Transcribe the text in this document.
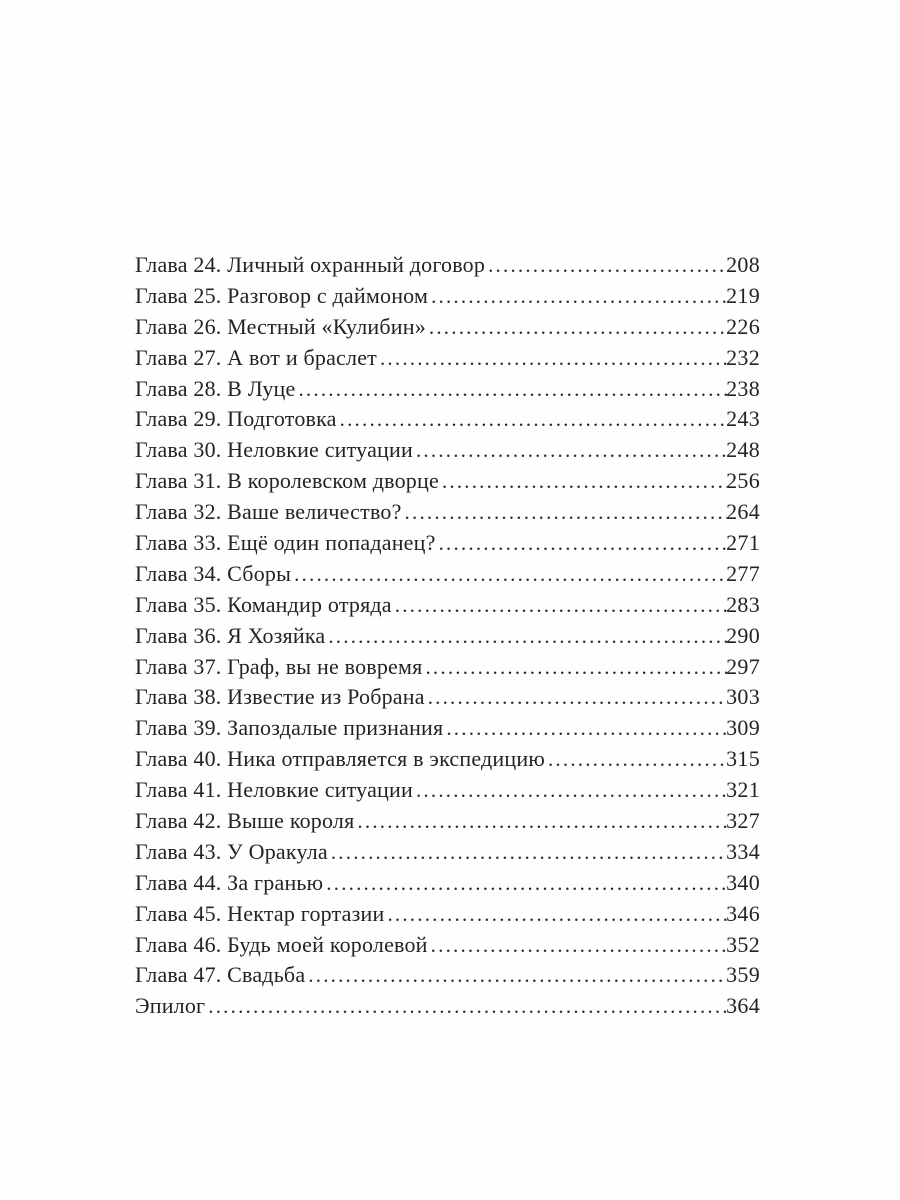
Глава 24. Личный охранный договор .....	208
Глава 25. Разговор с даймоном .....	219
Глава 26. Местный «Кулибин» .....	226
Глава 27. А вот и браслет .....	232
Глава 28. В Луце .....	238
Глава 29. Подготовка .....	243
Глава 30. Неловкие ситуации .....	248
Глава 31. В королевском дворце .....	256
Глава 32. Ваше величество? .....	264
Глава 33. Ещё один попаданец? .....	271
Глава 34. Сборы .....	277
Глава 35. Командир отряда .....	283
Глава 36. Я Хозяйка .....	290
Глава 37. Граф, вы не вовремя .....	297
Глава 38. Известие из Робрана .....	303
Глава 39. Запоздалые признания .....	309
Глава 40. Ника отправляется в экспедицию .....	315
Глава 41. Неловкие ситуации .....	321
Глава 42. Выше короля .....	327
Глава 43. У Оракула .....	334
Глава 44. За гранью .....	340
Глава 45. Нектар гортазии .....	346
Глава 46. Будь моей королевой .....	352
Глава 47. Свадьба .....	359
Эпилог .....	364
